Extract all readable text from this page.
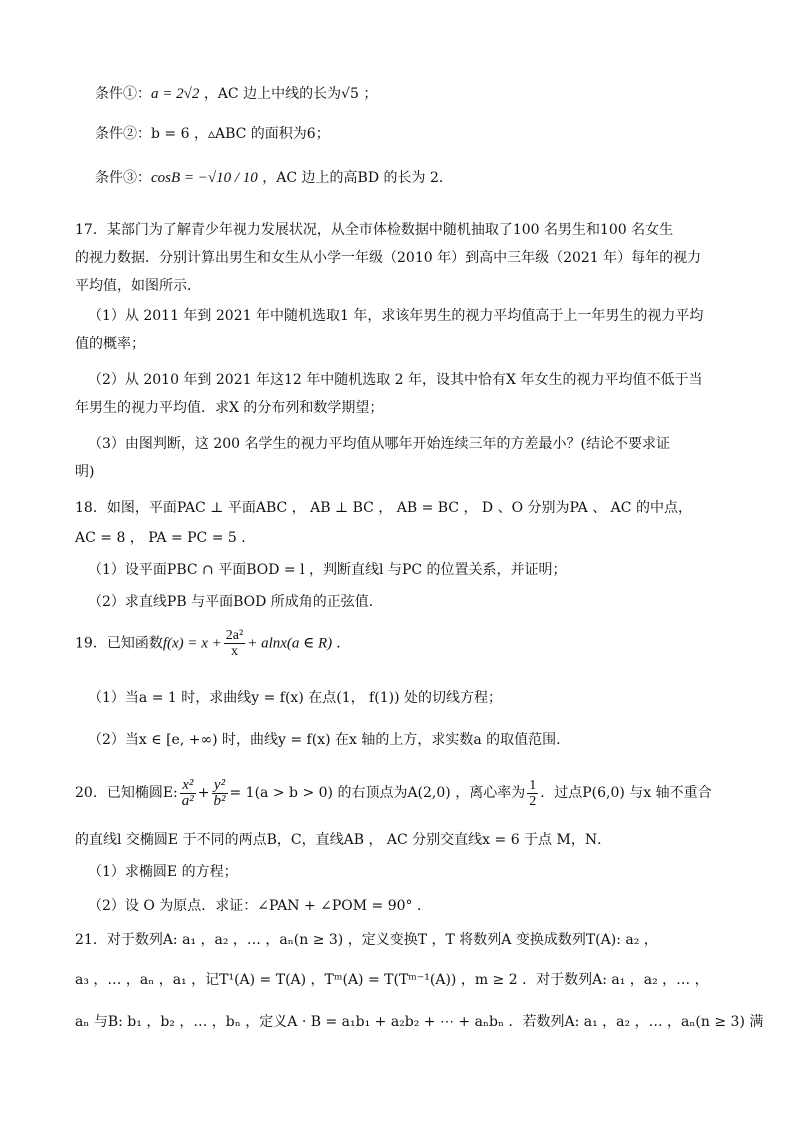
条件①：a = 2√2 ，AC 边上中线的长为√5 ；
条件②：b = 6 ，▵ABC 的面积为6；
条件③：cosB = −√10 / 10 ，AC 边上的高BD 的长为 2．
17．某部门为了解青少年视力发展状况，从全市体检数据中随机抽取了100 名男生和100 名女生
的视力数据．分别计算出男生和女生从小学一年级（2010 年）到高中三年级（2021 年）每年的视力
平均值，如图所示．
（1）从 2011 年到 2021 年中随机选取1 年，求该年男生的视力平均值高于上一年男生的视力平均
值的概率；
（2）从 2010 年到 2021 年这12 年中随机选取 2 年，设其中恰有X 年女生的视力平均值不低于当
年男生的视力平均值．求X 的分布列和数学期望；
（3）由图判断，这 200 名学生的视力平均值从哪年开始连续三年的方差最小？(结论不要求证
明)
18．如图，平面PAC ⊥ 平面ABC ， AB ⊥ BC ， AB = BC ， D 、O 分别为PA 、 AC 的中点，
AC = 8 ， PA = PC = 5 ．
（1）设平面PBC ∩ 平面BOD = l ，判断直线l 与PC 的位置关系，并证明；
（2）求直线PB 与平面BOD 所成角的正弦值．
19．已知函数$f(x) = x + \frac{\text{2a²}}{x} + alnx(a$ ∈ R) ．
（1）当a = 1 时，求曲线y = f(x) 在点(1， f(1)) 处的切线方程；
（2）当x ∈ [e, +∞) 时，曲线y = f(x) 在x 轴的上方，求实数a 的取值范围．
20．已知椭圆E: $\frac{\text{x²}}{\text{a²}} + \frac{\text{y²}}{\text{b²}} = 1(a > b > 0)$ 的右顶点为A(2,0) ，离心率为 $\frac{1}{2}$ ．过点P(6,0) 与x 轴不重合
的直线l 交椭圆E 于不同的两点B，C，直线AB ， AC 分别交直线x = 6 于点 M，N．
（1）求椭圆E 的方程；
（2）设 O 为原点．求证：∠PAN + ∠POM = 90° ．
21．对于数列A: a₁ ，a₂ ，… ，aₙ(n ≥ 3) ，定义变换T ，T 将数列A 变换成数列T(A): a₂ ，
a₃ ，… ，aₙ ，a₁ ，记T¹(A) = T(A) ，Tᵐ(A) = T(Tᵐ⁻¹(A)) ，m ≥ 2 ．对于数列A: a₁ ，a₂ ，… ，
aₙ 与B: b₁ ，b₂ ，… ，bₙ ，定义A · B = a₁b₁ + a₂b₂ + ⋯ + aₙbₙ ．若数列A: a₁ ，a₂ ，… ，aₙ(n ≥ 3) 满
